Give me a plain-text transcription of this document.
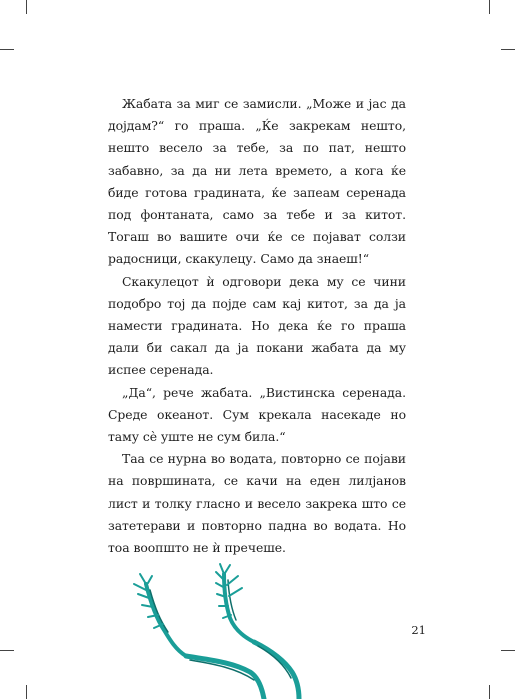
Жабата за миг се замисли. „Може и јас да дојдам?“ го праша. „Ќе закрекам нешто, нешто весело за тебе, за по пат, нешто забавно, за да ни лета времето, а кога ќе биде готова градината, ќе запеам серенада под фонтаната, само за тебе и за китот. Тогаш во вашите очи ќе се појават солзи радосници, скакулецу. Само да знаеш!“

Скакулецот ѝ одговори дека му се чини подобро тој да појде сам кај китот, за да ја намести градината. Но дека ќе го праша дали би сакал да ја покани жабата да му испее серенада.

„Да“, рече жабата. „Вистинска серенада. Среде океанот. Сум крекала насекаде но таму сѐ уште не сум била.“

Таа се нурна во водата, повторно се појави на површината, се качи на еден лилјанов лист и толку гласно и весело закрека што се затетерави и повторно падна во водата. Но тоа воопшто не ѝ пречеше.

21
